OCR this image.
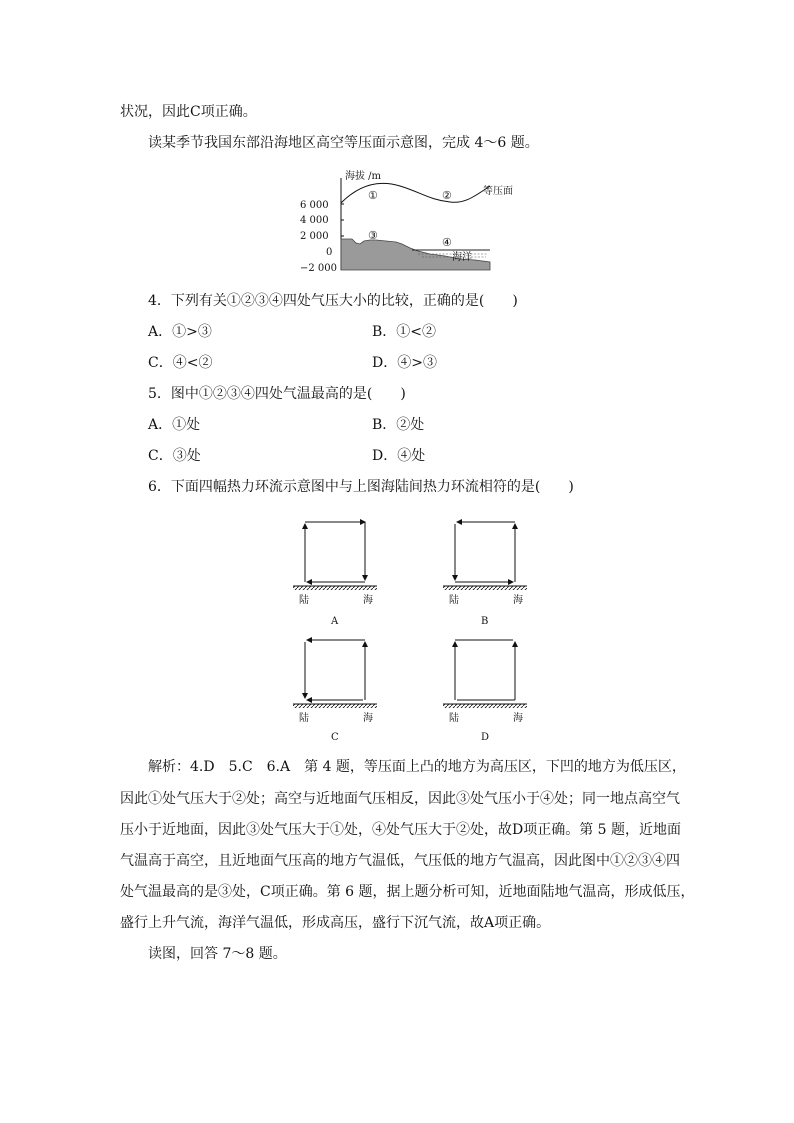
状况，因此C项正确。
读某季节我国东部沿海地区高空等压面示意图，完成 4～6 题。
海拔 /m
6 000
4 000
2 000
0
−2 000
海洋
等压面
①	②
③
④
4．下列有关①②③④四处气压大小的比较，正确的是(　　)
A．①>③	B．①<②
C．④<②	D．④>③
5．图中①②③④四处气温最高的是(　　)
A．①处	B．②处
C．③处	D．④处
6．下面四幅热力环流示意图中与上图海陆间热力环流相符的是(　　)
陆	海
A
陆	海
B
陆	海
C
陆	海
D
解析：4.D　5.C　6.A　第 4 题，等压面上凸的地方为高压区，下凹的地方为低压区，
因此①处气压大于②处；高空与近地面气压相反，因此③处气压小于④处；同一地点高空气
压小于近地面，因此③处气压大于①处，④处气压大于②处，故D项正确。第 5 题，近地面
气温高于高空，且近地面气压高的地方气温低，气压低的地方气温高，因此图中①②③④四
处气温最高的是③处，C项正确。第 6 题，据上题分析可知，近地面陆地气温高，形成低压，
盛行上升气流，海洋气温低，形成高压，盛行下沉气流，故A项正确。
读图，回答 7～8 题。
